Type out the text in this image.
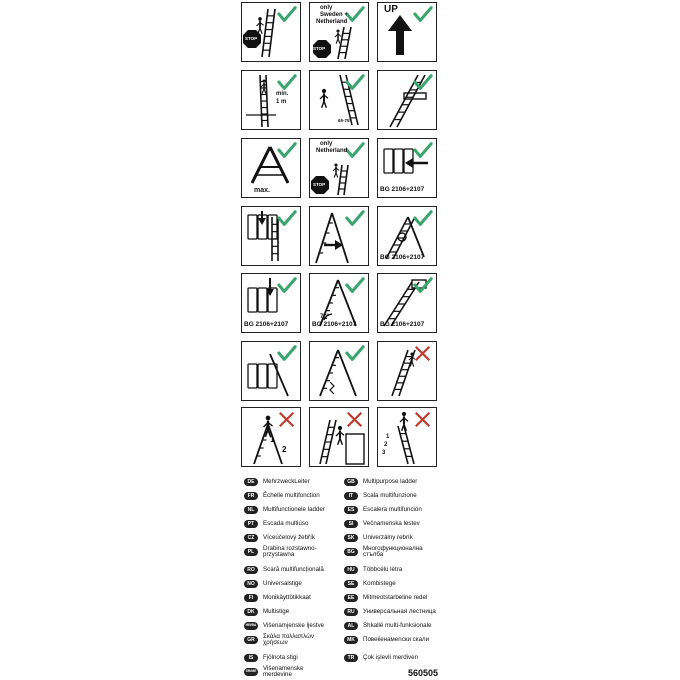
STOP
STOP
only
Sweden +
Netherland
UP
min.
1 m
65-75°
max.
STOP
only
Netherland
BG 2106+2107
BG 2106+2107
BG 2106+2107
70°
BG 2106+2107	BG 2106+2107
1
2
1
2
3
DE	MehrzweckLeiter
FR	Échelle multifonction
NL	Multifunctionele ladder
PT	Escada multiúso
CZ	Víceúčelový žebřík
PL	Drabina rozstawno-
przystawna
RO	Scară multifuncțională
NO	Universalstige
FI	Monikäyttötikkaat
DK	Multistige
HR/BA Višenamjenske ljestve
GR	Σκάλα πολλαπλών
χρήσεων
IS	Fjölnota stigi
SR/ME Višenamenske
merdevine
GB	Multipurpose ladder
IT	Scala multifunzione
ES	Escalera multifunción
SI	Večnamenska lestev
SK	Univerzálny rebrík
BG	Многофункционална
стълба
HU	Többcélú létra
SE	Kombistege
EE	Mitmeotstarbeline redel
RU	Универсальная лестница
AL	Shkallë multi-funksionale
MK	Повеќенамenски скали
TR	Çok işlevli merdiven
560505
